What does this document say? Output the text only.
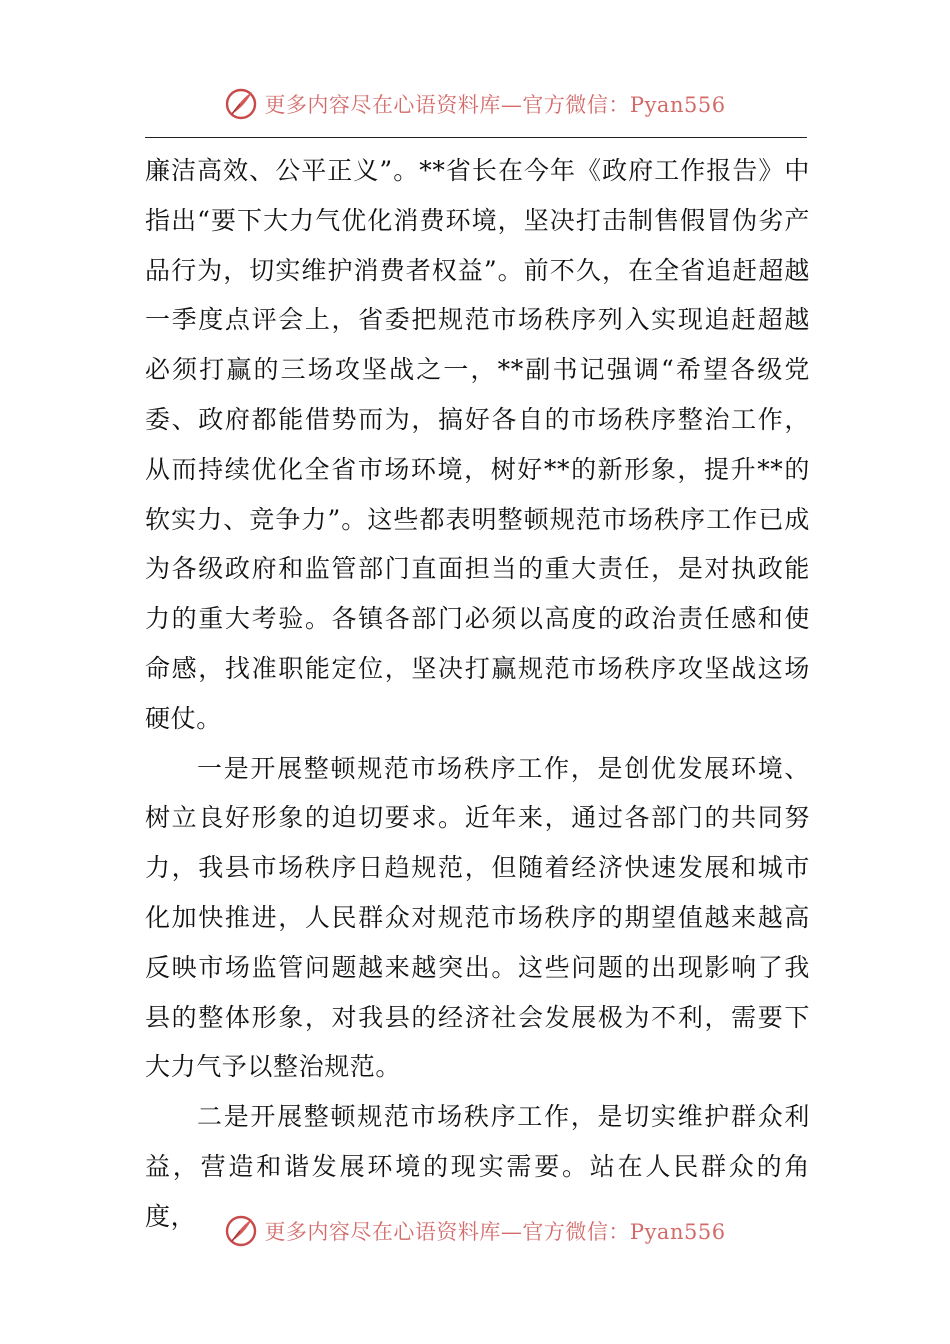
更多内容尽在心语资料库—官方微信：Pyan556

廉洁高效、公平正义”。**省长在今年《政府工作报告》中指出“要下大力气优化消费环境，坚决打击制售假冒伪劣产品行为，切实维护消费者权益”。前不久，在全省追赶超越一季度点评会上，省委把规范市场秩序列入实现追赶超越必须打赢的三场攻坚战之一，**副书记强调“希望各级党委、政府都能借势而为，搞好各自的市场秩序整治工作，从而持续优化全省市场环境，树好**的新形象，提升**的软实力、竞争力”。这些都表明整顿规范市场秩序工作已成为各级政府和监管部门直面担当的重大责任，是对执政能力的重大考验。各镇各部门必须以高度的政治责任感和使命感，找准职能定位，坚决打赢规范市场秩序攻坚战这场硬仗。

一是开展整顿规范市场秩序工作，是创优发展环境、树立良好形象的迫切要求。近年来，通过各部门的共同努力，我县市场秩序日趋规范，但随着经济快速发展和城市化加快推进，人民群众对规范市场秩序的期望值越来越高反映市场监管问题越来越突出。这些问题的出现影响了我县的整体形象，对我县的经济社会发展极为不利，需要下大力气予以整治规范。

二是开展整顿规范市场秩序工作，是切实维护群众利益，营造和谐发展环境的现实需要。站在人民群众的角度，

更多内容尽在心语资料库—官方微信：Pyan556
